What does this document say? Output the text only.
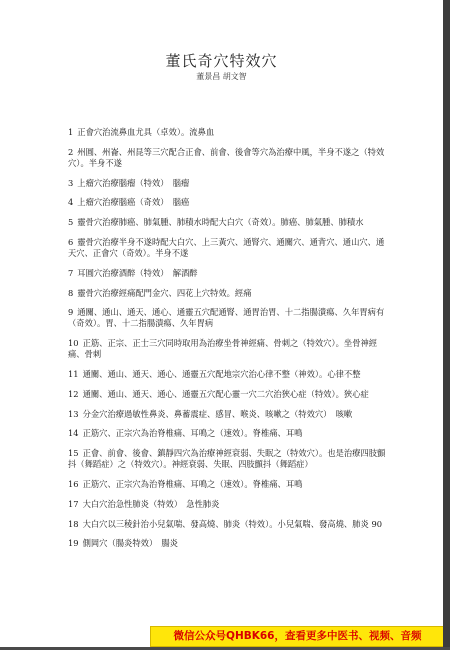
董氏奇穴特效穴
董景昌 胡文智
1 正會穴治流鼻血尤具（卓效）。流鼻血
2 州圓、州崙、州昆等三穴配合正會、前會、後會等穴為治療中風，半身不遂之（特效穴）。半身不遂
3 上瘤穴治療腦瘤（特效）　腦瘤
4 上瘤穴治療腦癌（奇效）　腦癌
5 靈骨穴治療肺癌、肺氣腫、肺積水時配大白穴（奇效）。肺癌、肺氣腫、肺積水
6 靈骨穴治療半身不遂時配大白穴、上三黃穴、通腎穴、通關穴、通背穴、通山穴、通天穴、正會穴（奇效）。半身不遂
7 耳圓穴治療酒醉（特效）　解酒醉
8 靈骨穴治療經痛配門金穴、四花上穴特效。經痛
9 通關、通山、通天、通心、通靈五穴配通腎、通胃治胃、十二指腸潰瘍、久年胃病有（奇效）。胃、十二指腸潰瘍、久年胃病
10 正筋、正宗、正士三穴同時取用為治療坐骨神經痛、骨刺之（特效穴）。坐骨神經痛、骨刺
11 通關、通山、通天、通心、通靈五穴配地宗穴治心律不整（神效）。心律不整
12 通關、通山、通天、通心、通靈五穴配心靈一穴二穴治狹心症（特效）。狹心症
13 分金穴治療過敏性鼻炎、鼻蓄震症、感冒、喉炎、咳嗽之（特效穴）　咳嗽
14 正筋穴、正宗穴為治脊椎痛、耳鳴之（速效）。脊椎痛、耳鳴
15 正會、前會、後會、鎮靜四穴為治療神經衰弱、失眠之（特效穴）。也是治療四肢顫抖（舞蹈症）之（特效穴）。神經衰弱、失眠、四肢顫抖（舞蹈症）
16 正筋穴、正宗穴為治脊椎痛、耳鳴之（速效）。脊椎痛、耳鳴
17 大白穴治急性肺炎（特效）　急性肺炎
18 大白穴以三稜針治小兒氣喘、發高燒、肺炎（特效）。小兒氣喘、發高燒、肺炎 90
19 側岡穴（腸炎特效）　腸炎
微信公众号QHBK66，查看更多中医书、视频、音频
